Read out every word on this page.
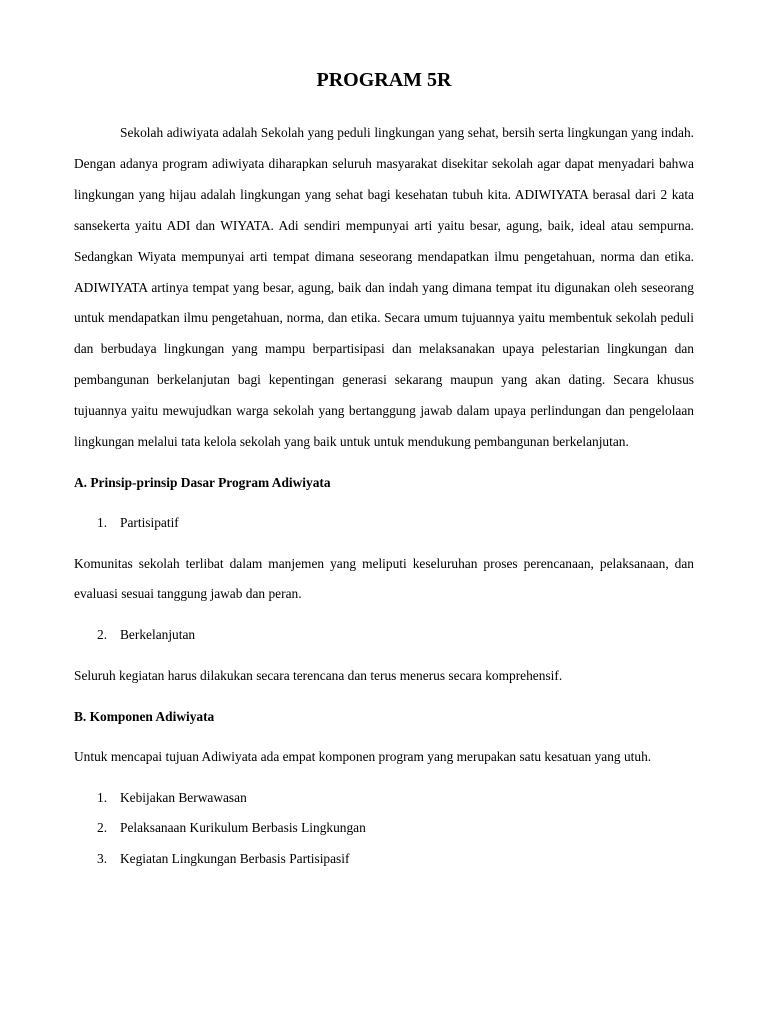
PROGRAM 5R

Sekolah adiwiyata adalah Sekolah yang peduli lingkungan yang sehat, bersih serta lingkungan yang indah. Dengan adanya program adiwiyata diharapkan seluruh masyarakat disekitar sekolah agar dapat menyadari bahwa lingkungan yang hijau adalah lingkungan yang sehat bagi kesehatan tubuh kita. ADIWIYATA berasal dari 2 kata sansekerta yaitu ADI dan WIYATA. Adi sendiri mempunyai arti yaitu besar, agung, baik, ideal atau sempurna. Sedangkan Wiyata mempunyai arti tempat dimana seseorang mendapatkan ilmu pengetahuan, norma dan etika. ADIWIYATA artinya tempat yang besar, agung, baik dan indah yang dimana tempat itu digunakan oleh seseorang untuk mendapatkan ilmu pengetahuan, norma, dan etika. Secara umum tujuannya yaitu membentuk sekolah peduli dan berbudaya lingkungan yang mampu berpartisipasi dan melaksanakan upaya pelestarian lingkungan dan pembangunan berkelanjutan bagi kepentingan generasi sekarang maupun yang akan dating. Secara khusus tujuannya yaitu mewujudkan warga sekolah yang bertanggung jawab dalam upaya perlindungan dan pengelolaan lingkungan melalui tata kelola sekolah yang baik untuk untuk mendukung pembangunan berkelanjutan.

A. Prinsip-prinsip Dasar Program Adiwiyata
1. Partisipatif

Komunitas sekolah terlibat dalam manjemen yang meliputi keseluruhan proses perencanaan, pelaksanaan, dan evaluasi sesuai tanggung jawab dan peran.

2. Berkelanjutan

Seluruh kegiatan harus dilakukan secara terencana dan terus menerus secara komprehensif.

B. Komponen Adiwiyata

Untuk mencapai tujuan Adiwiyata ada empat komponen program yang merupakan satu kesatuan yang utuh.

1. Kebijakan Berwawasan
2. Pelaksanaan Kurikulum Berbasis Lingkungan
3. Kegiatan Lingkungan Berbasis Partisipasif
